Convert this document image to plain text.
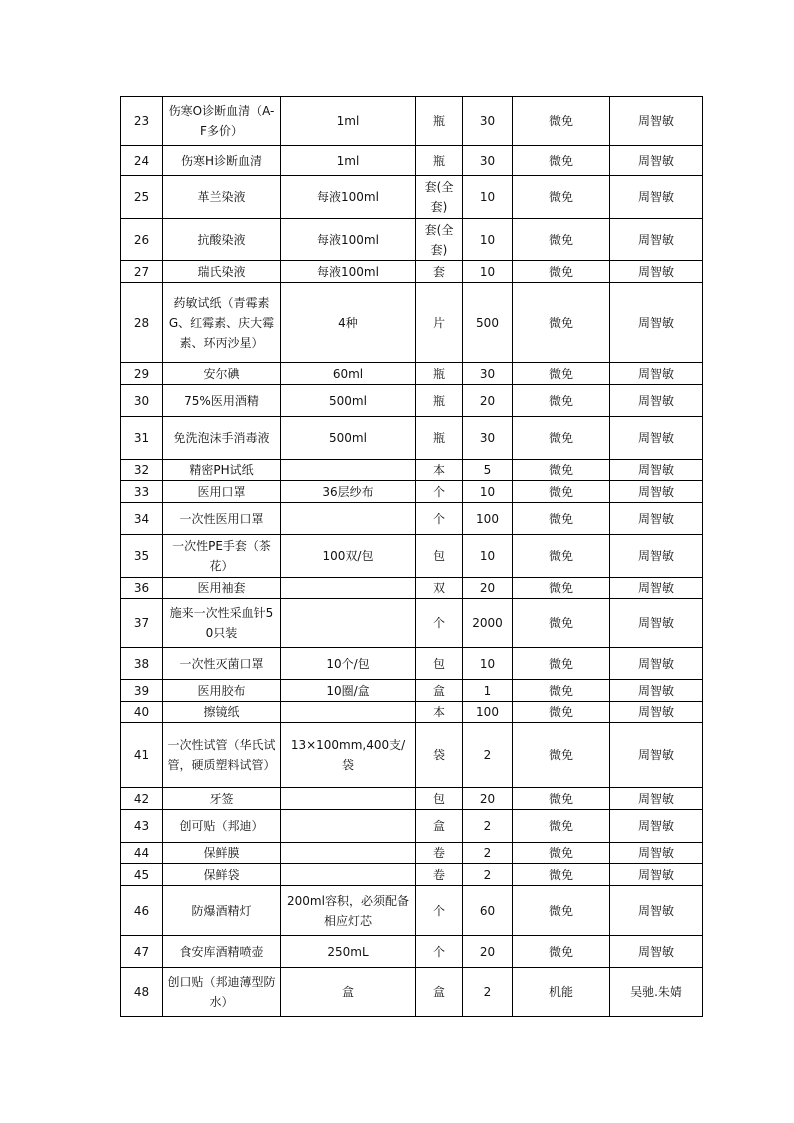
23	伤寒O诊断血清（A-F多价）	1ml	瓶	30	微免	周智敏
24	伤寒H诊断血清	1ml	瓶	30	微免	周智敏
25	革兰染液	每液100ml	套(全套)	10	微免	周智敏
26	抗酸染液	每液100ml	套(全套)	10	微免	周智敏
27	瑞氏染液	每液100ml	套	10	微免	周智敏
28	药敏试纸（青霉素G、红霉素、庆大霉素、环丙沙星）	4种	片	500	微免	周智敏
29	安尔碘	60ml	瓶	30	微免	周智敏
30	75%医用酒精	500ml	瓶	20	微免	周智敏
31	免洗泡沫手消毒液	500ml	瓶	30	微免	周智敏
32	精密PH试纸		本	5	微免	周智敏
33	医用口罩	36层纱布	个	10	微免	周智敏
34	一次性医用口罩		个	100	微免	周智敏
35	一次性PE手套（茶花）	100双/包	包	10	微免	周智敏
36	医用袖套		双	20	微免	周智敏
37	施来一次性采血针50只装		个	2000	微免	周智敏
38	一次性灭菌口罩	10个/包	包	10	微免	周智敏
39	医用胶布	10圈/盒	盒	1	微免	周智敏
40	擦镜纸		本	100	微免	周智敏
41	一次性试管（华氏试管，硬质塑料试管）	13×100mm,400支/袋	袋	2	微免	周智敏
42	牙签		包	20	微免	周智敏
43	创可贴（邦迪）		盒	2	微免	周智敏
44	保鲜膜		卷	2	微免	周智敏
45	保鲜袋		卷	2	微免	周智敏
46	防爆酒精灯	200ml容积，必须配备相应灯芯	个	60	微免	周智敏
47	食安库酒精喷壶	250mL	个	20	微免	周智敏
48	创口贴（邦迪薄型防水）	盒	盒	2	机能	吴驰.朱婧
